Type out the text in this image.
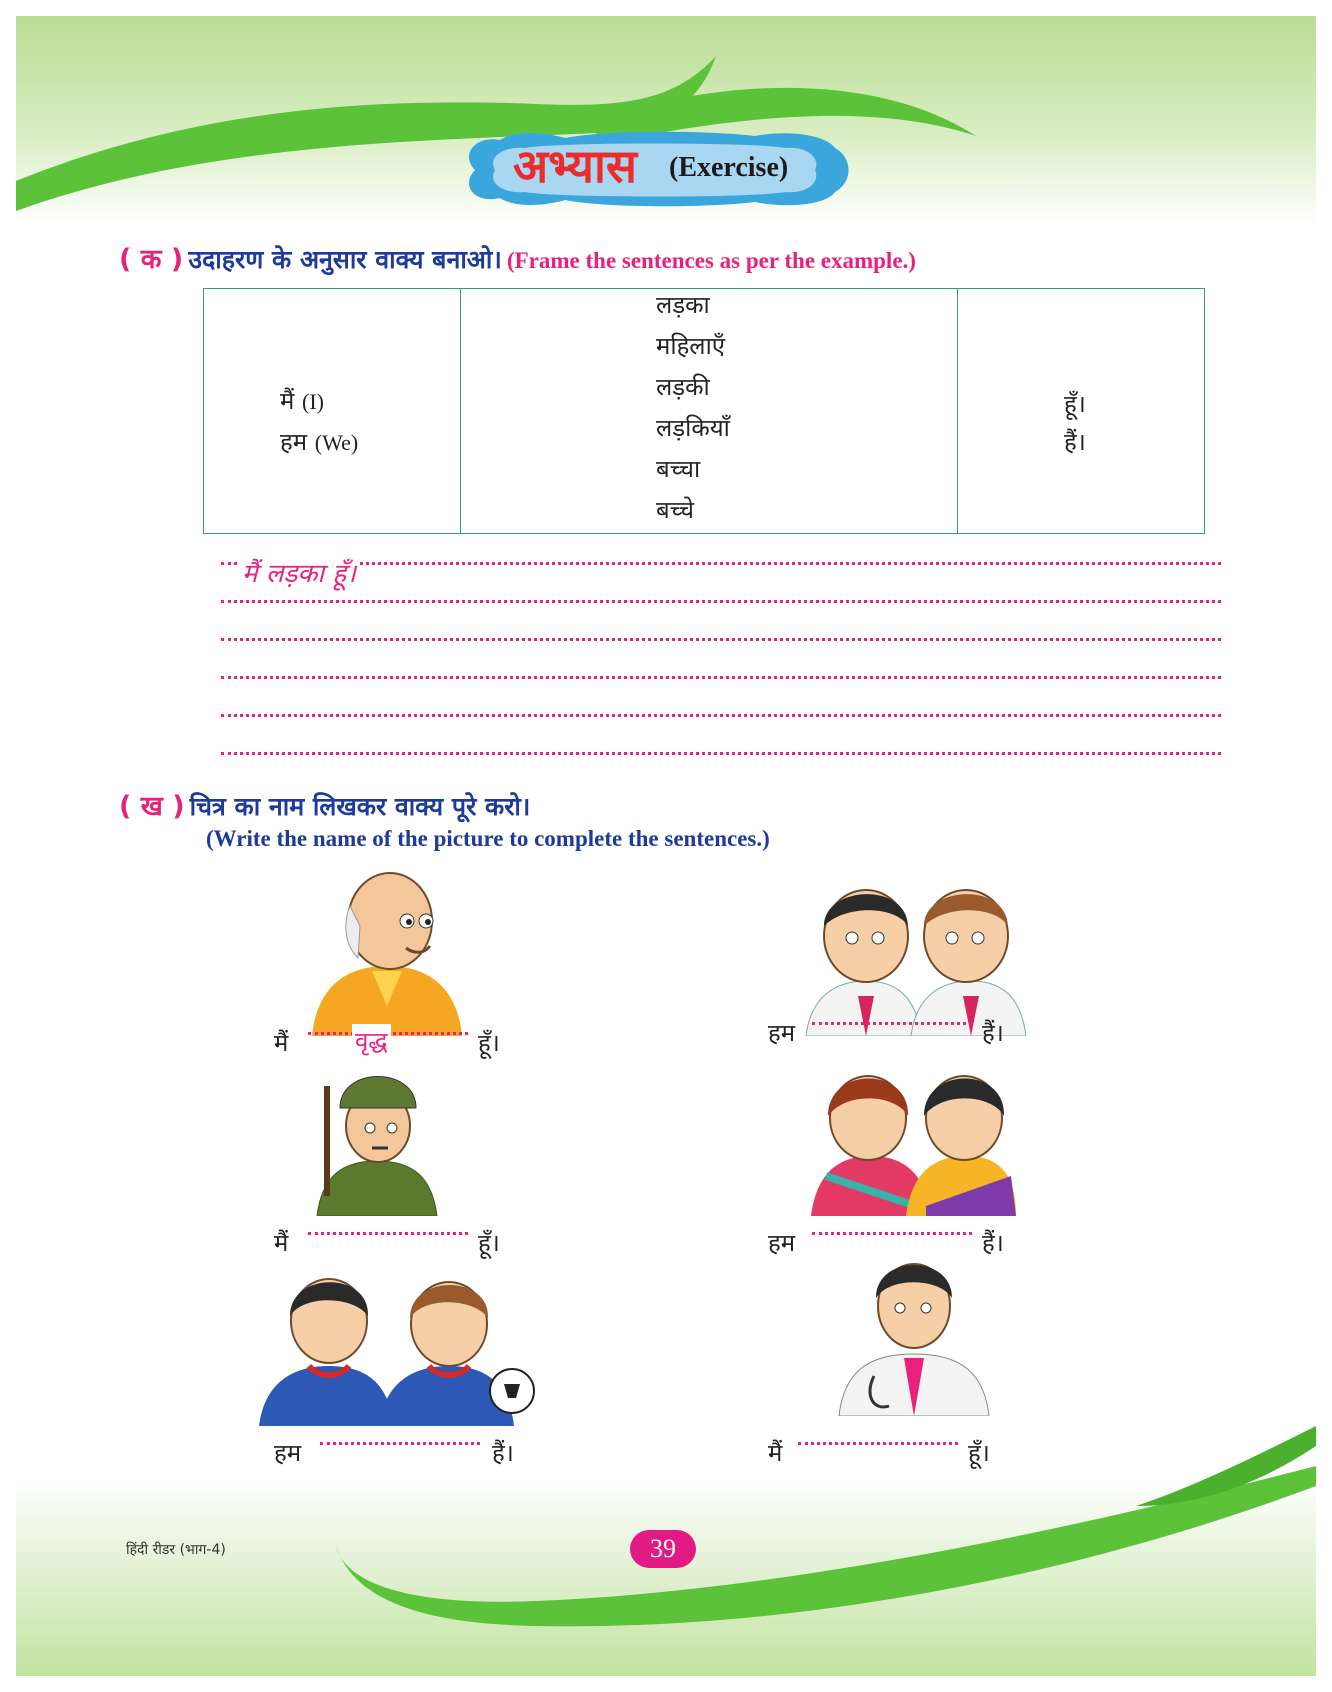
अभ्यास (Exercise)
( क ) उदाहरण के अनुसार वाक्य बनाओ। (Frame the sentences as per the example.)
मैं (I)
हम (We)
लड़का
महिलाएँ
लड़की
लड़कियाँ
बच्चा
बच्चे
हूँ।
हैं।
मैं लड़का हूँ।
( ख ) चित्र का नाम लिखकर वाक्य पूरे करो।
(Write the name of the picture to complete the sentences.)
मैं	वृद्ध	हूँ।	हम	हैं।
मैं	हूँ।	हम	हैं।
हम	हैं।	मैं	हूँ।
हिंदी रीडर (भाग-4)	39
